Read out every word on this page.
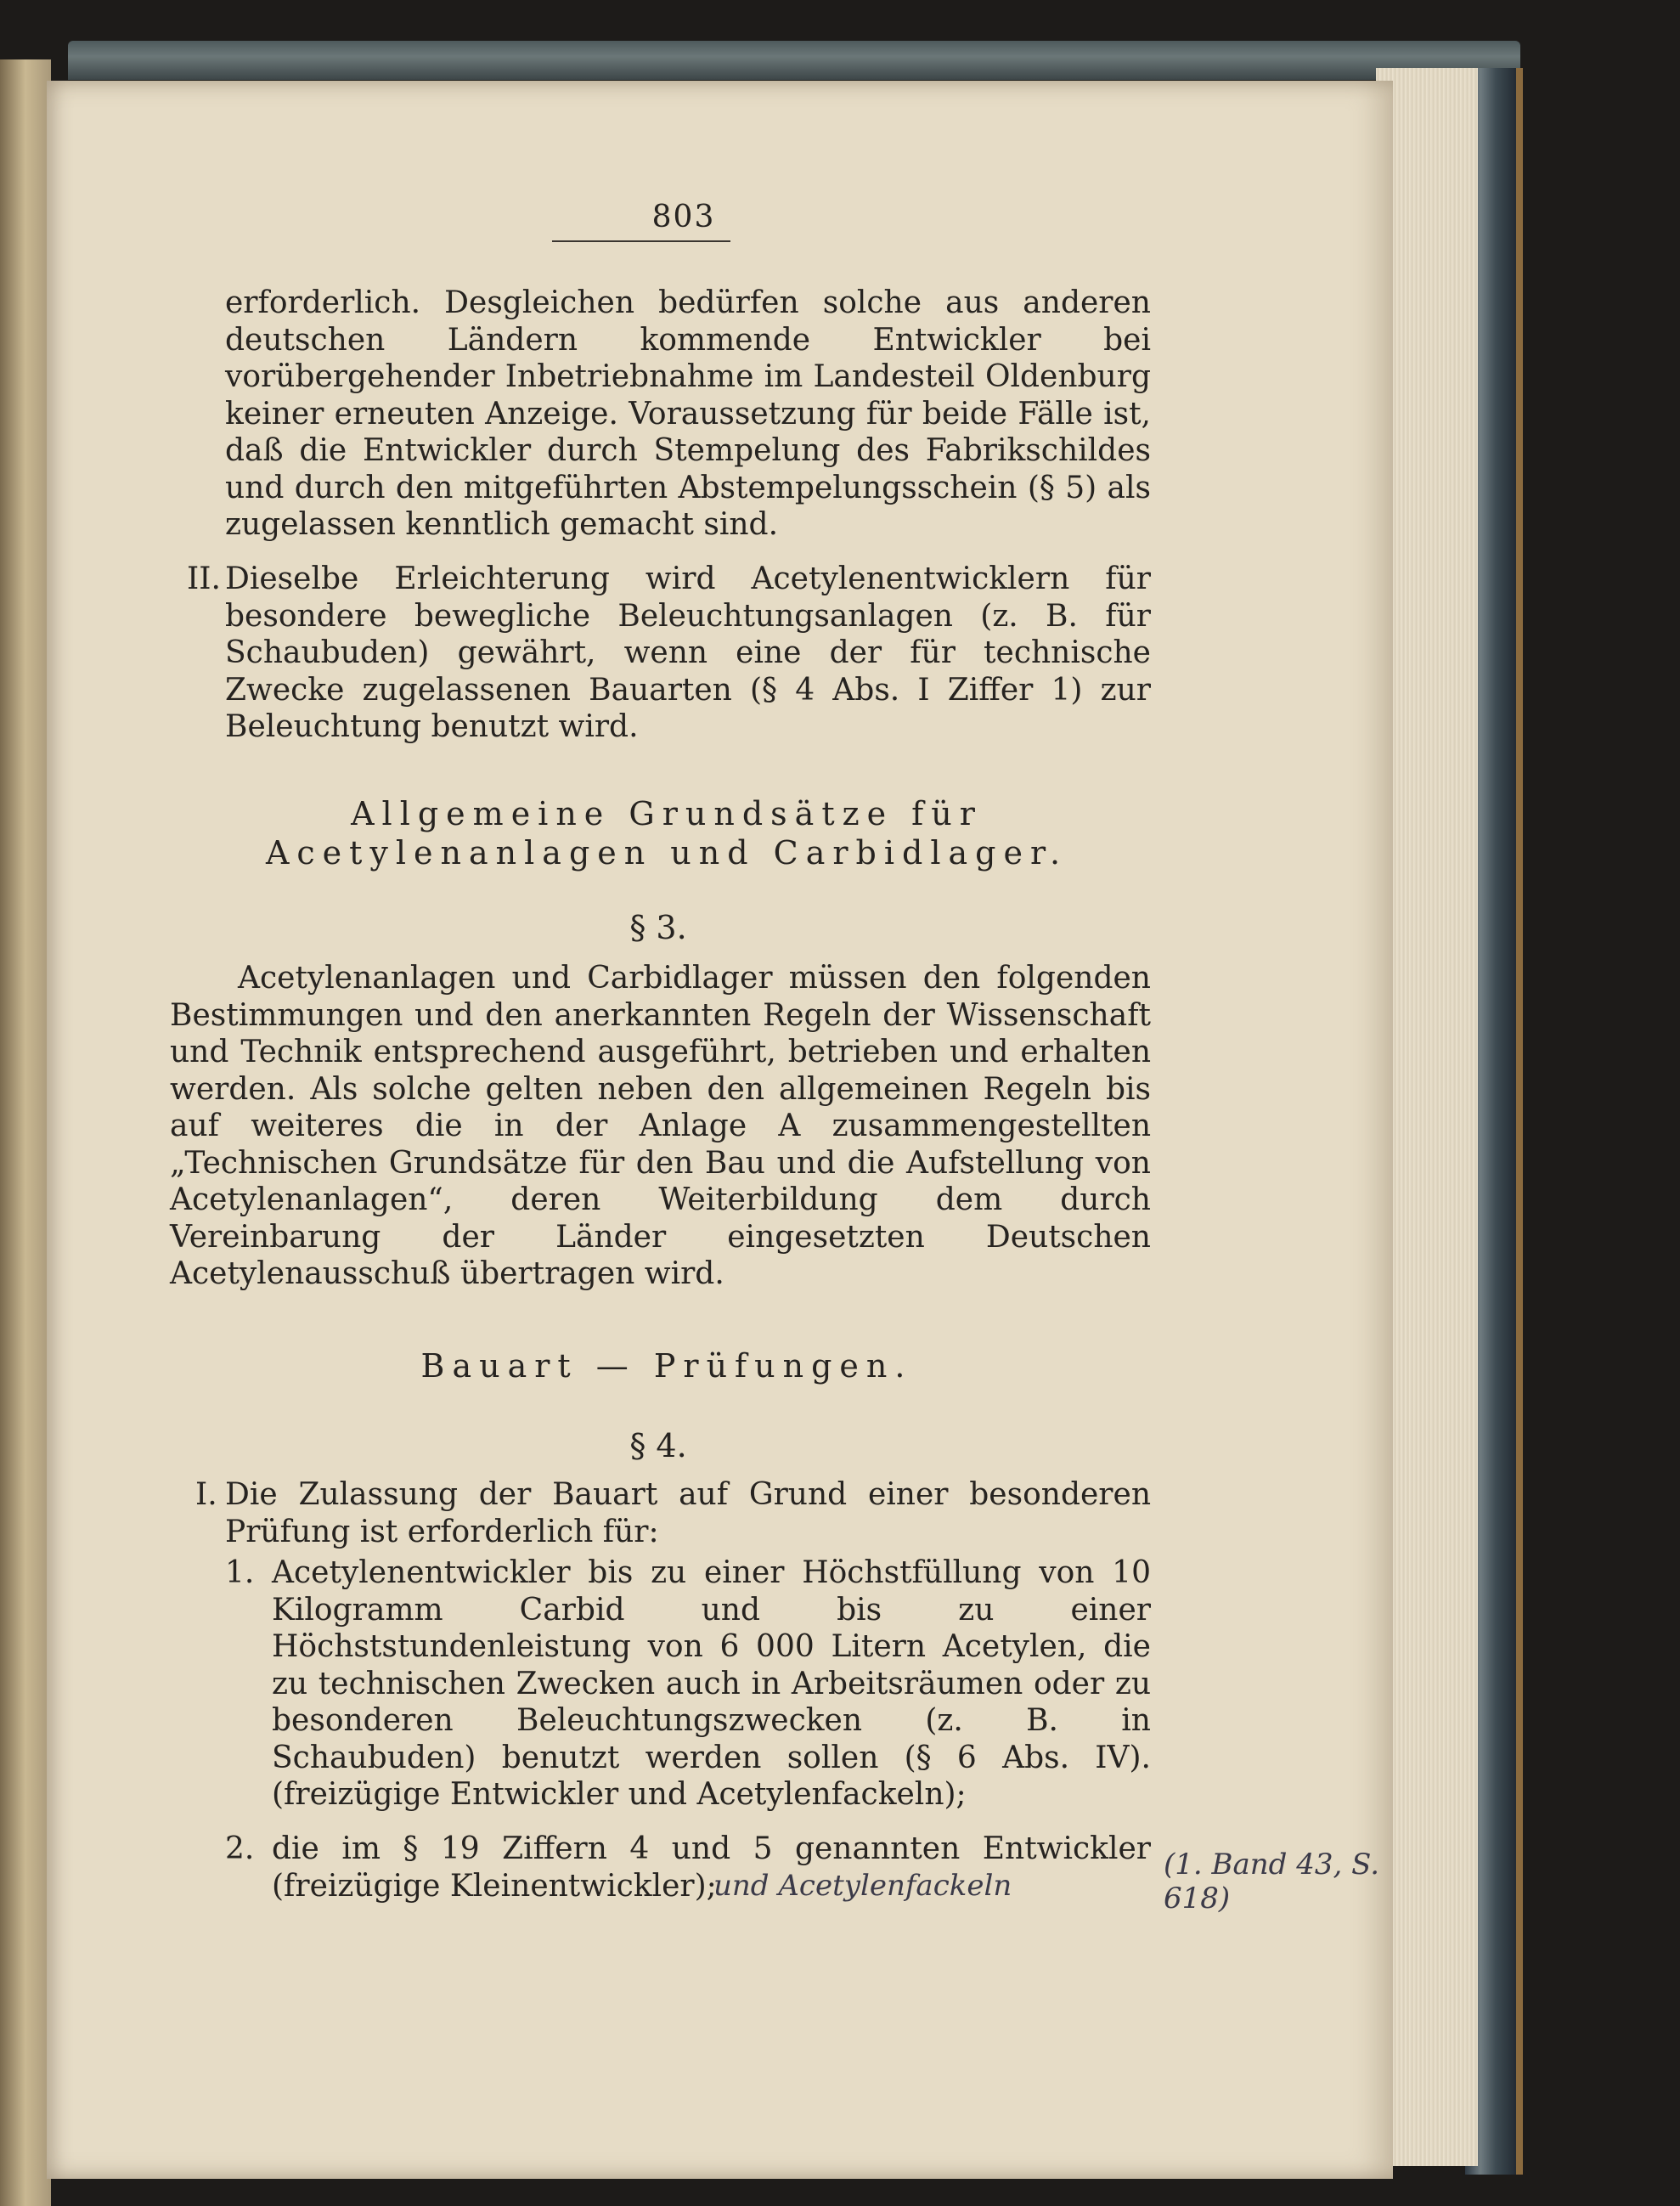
803

erforderlich. Desgleichen bedürfen solche aus anderen deutschen Ländern kommende Entwickler bei vorübergehender Inbetriebnahme im Landesteil Oldenburg keiner erneuten Anzeige. Voraussetzung für beide Fälle ist, daß die Entwickler durch Stempelung des Fabrikschildes und durch den mitgeführten Abstempelungsschein (§ 5) als zugelassen kenntlich gemacht sind.

II. Dieselbe Erleichterung wird Acetylenentwicklern für besondere bewegliche Beleuchtungsanlagen (z. B. für Schaubuden) gewährt, wenn eine der für technische Zwecke zugelassenen Bauarten (§ 4 Abs. I Ziffer 1) zur Beleuchtung benutzt wird.

Allgemeine Grundsätze für Acetylenanlagen und Carbidlager.
§ 3.

Acetylenanlagen und Carbidlager müssen den folgenden Bestimmungen und den anerkannten Regeln der Wissenschaft und Technik entsprechend ausgeführt, betrieben und erhalten werden. Als solche gelten neben den allgemeinen Regeln bis auf weiteres die in der Anlage A zusammengestellten „Technischen Grundsätze für den Bau und die Aufstellung von Acetylenanlagen“, deren Weiterbildung dem durch Vereinbarung der Länder eingesetzten Deutschen Acetylenausschuß übertragen wird.

Bauart — Prüfungen.
§ 4.
I. Die Zulassung der Bauart auf Grund einer besonderen Prüfung ist erforderlich für:

1. Acetylenentwickler bis zu einer Höchstfüllung von 10 Kilogramm Carbid und bis zu einer Höchststundenleistung von 6 000 Litern Acetylen, die zu technischen Zwecken auch in Arbeitsräumen oder zu besonderen Beleuchtungszwecken (z. B. in Schaubuden) benutzt werden sollen (§ 6 Abs. IV). (freizügige Entwickler und Acetylenfackeln);
2. die im § 19 Ziffern 4 und 5 genannten Entwickler (freizügige Kleinentwickler);
und Acetylenfackeln
(1. Band 43, S. 618)
